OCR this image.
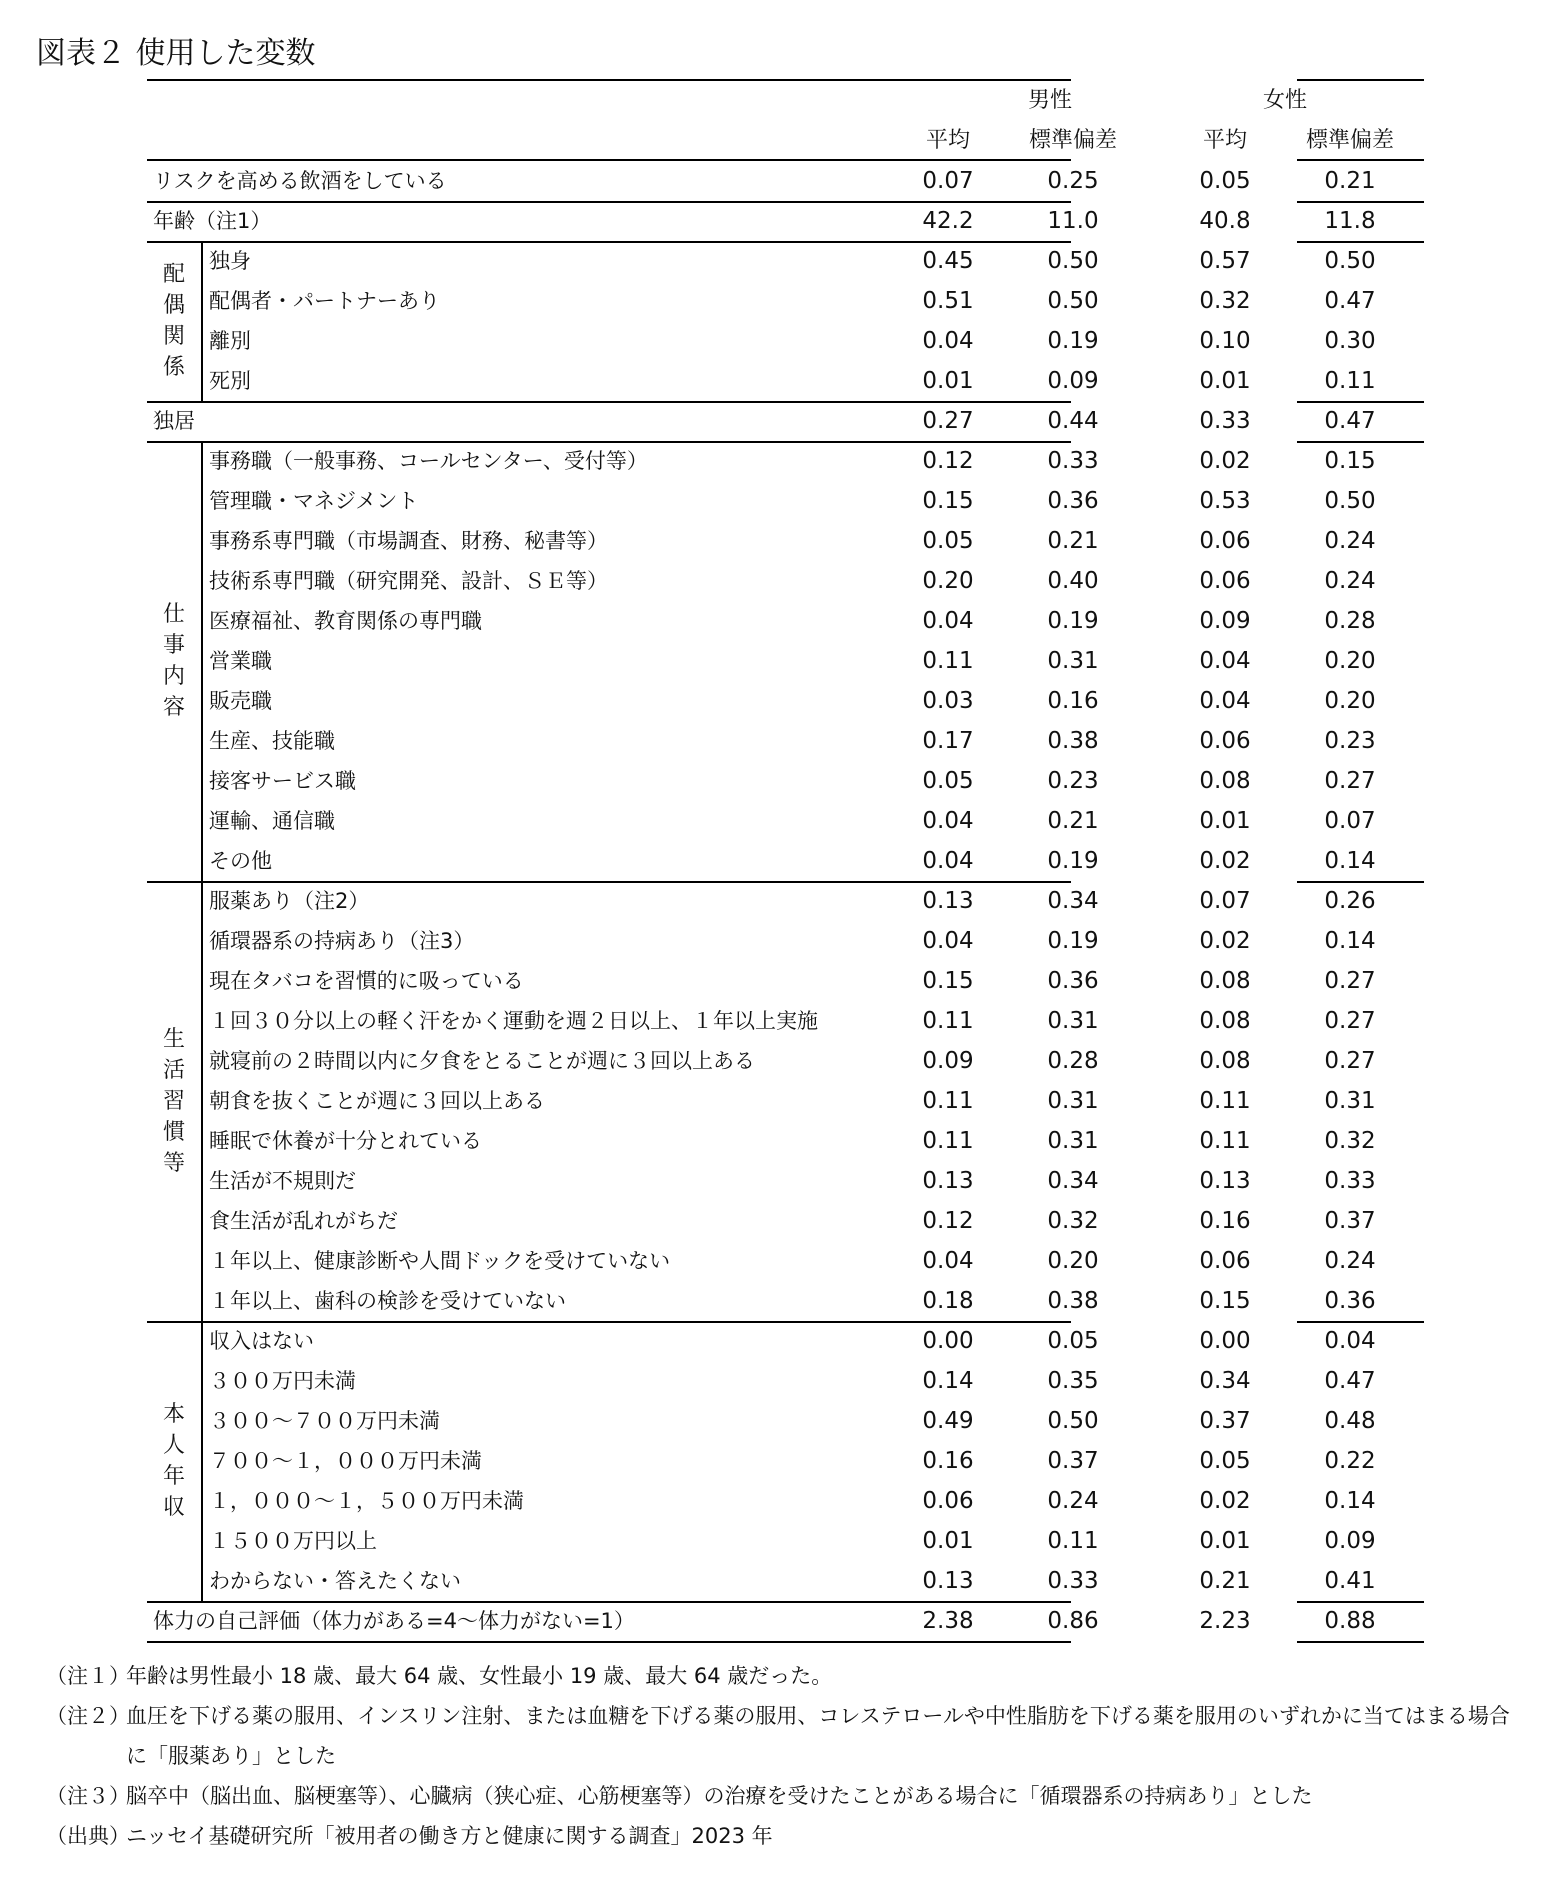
図表２ 使用した変数
男性	女性
平均	標準偏差	平均	標準偏差
リスクを高める飲酒をしている	0.07	0.25	0.05	0.21
年齢（注1）	42.2	11.0	40.8	11.8
独身	0.45	0.50	0.57	0.50
配偶者・パートナーあり	0.51	0.50	0.32	0.47
離別	0.04	0.19	0.10	0.30
死別	0.01	0.09	0.01	0.11
配
偶
関
係
独居	0.27	0.44	0.33	0.47
事務職（一般事務、コールセンター、受付等）	0.12	0.33	0.02	0.15
管理職・マネジメント	0.15	0.36	0.53	0.50
事務系専門職（市場調査、財務、秘書等）	0.05	0.21	0.06	0.24
技術系専門職（研究開発、設計、ＳＥ等）	0.20	0.40	0.06	0.24
医療福祉、教育関係の専門職	0.04	0.19	0.09	0.28
営業職	0.11	0.31	0.04	0.20
販売職	0.03	0.16	0.04	0.20
生産、技能職	0.17	0.38	0.06	0.23
接客サービス職	0.05	0.23	0.08	0.27
運輸、通信職	0.04	0.21	0.01	0.07
その他	0.04	0.19	0.02	0.14
仕
事
内
容
服薬あり（注2）	0.13	0.34	0.07	0.26
循環器系の持病あり（注3）	0.04	0.19	0.02	0.14
現在タバコを習慣的に吸っている	0.15	0.36	0.08	0.27
１回３０分以上の軽く汗をかく運動を週２日以上、１年以上実施	0.11	0.31	0.08	0.27
就寝前の２時間以内に夕食をとることが週に３回以上ある	0.09	0.28	0.08	0.27
朝食を抜くことが週に３回以上ある	0.11	0.31	0.11	0.31
睡眠で休養が十分とれている	0.11	0.31	0.11	0.32
生活が不規則だ	0.13	0.34	0.13	0.33
食生活が乱れがちだ	0.12	0.32	0.16	0.37
１年以上、健康診断や人間ドックを受けていない	0.04	0.20	0.06	0.24
１年以上、歯科の検診を受けていない	0.18	0.38	0.15	0.36
生
活
習
慣
等
収入はない	0.00	0.05	0.00	0.04
３００万円未満	0.14	0.35	0.34	0.47
３００～７００万円未満	0.49	0.50	0.37	0.48
７００～１，０００万円未満	0.16	0.37	0.05	0.22
１，０００～１，５００万円未満	0.06	0.24	0.02	0.14
１５００万円以上	0.01	0.11	0.01	0.09
わからない・答えたくない	0.13	0.33	0.21	0.41
本
人
年
収
体力の自己評価（体力がある=4～体力がない=1）	2.38	0.86	2.23	0.88
（注１）
年齢は男性最小 18 歳、最大 64 歳、女性最小 19 歳、最大 64 歳だった。
（注２）
血圧を下げる薬の服用、インスリン注射、または血糖を下げる薬の服用、コレステロールや中性脂肪を下げる薬を服用のいずれかに当てはまる場合に「服薬あり」とした
（注３）
脳卒中（脳出血、脳梗塞等）、心臓病（狭心症、心筋梗塞等）の治療を受けたことがある場合に「循環器系の持病あり」とした
（出典）
ニッセイ基礎研究所「被用者の働き方と健康に関する調査」2023 年
